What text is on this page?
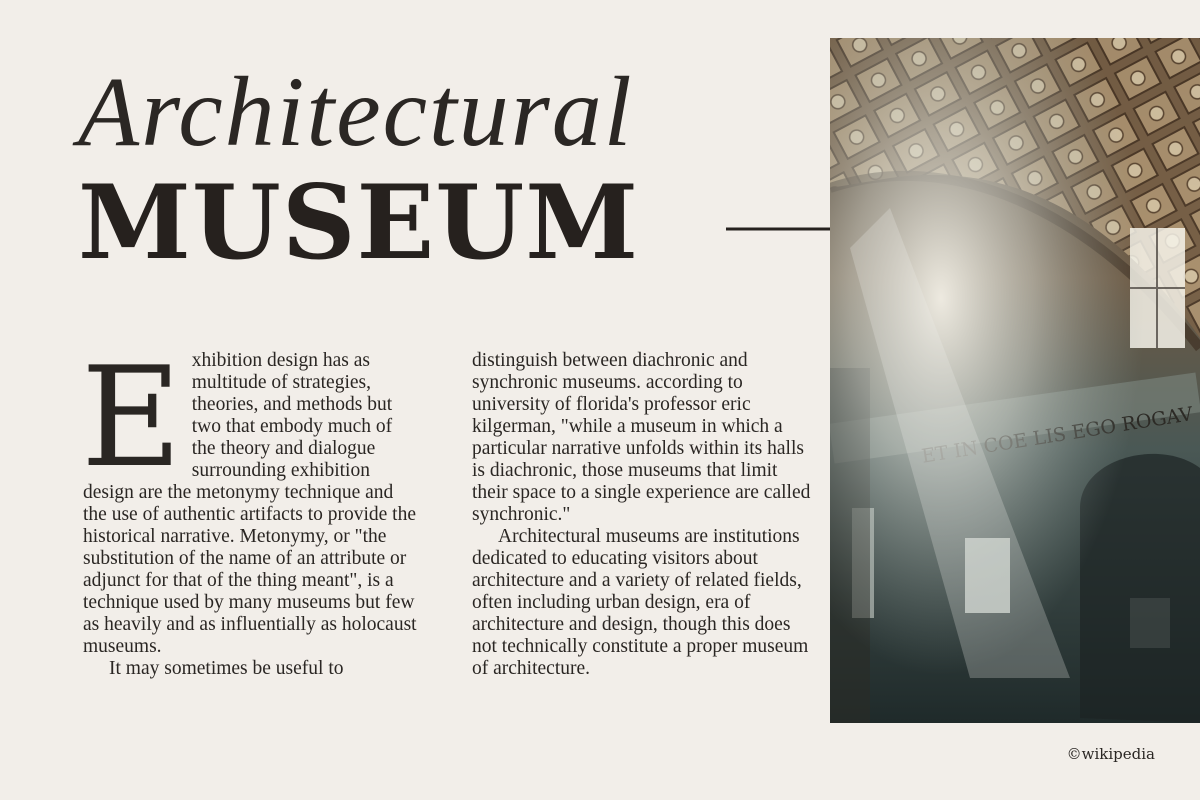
Architectural
MUSEUM
E xhibition design has as multitude of strategies, theories, and methods but two that embody much of the theory and dialogue surrounding exhibition design are the metonymy technique and the use of authentic artifacts to provide the historical narrative. Metonymy, or "the substitution of the name of an attribute or adjunct for that of the thing meant", is a technique used by many museums but few as heavily and as influentially as holocaust museums.

It may sometimes be useful to

distinguish between diachronic and synchronic museums. according to university of florida's professor eric kilgerman, "while a museum in which a particular narrative unfolds within its halls is diachronic, those museums that limit their space to a single experience are called synchronic."

Architectural museums are institutions dedicated to educating visitors about architecture and a variety of related fields, often including urban design, era of architecture and design, though this does not technically constitute a proper museum of architecture.

©wikipedia
